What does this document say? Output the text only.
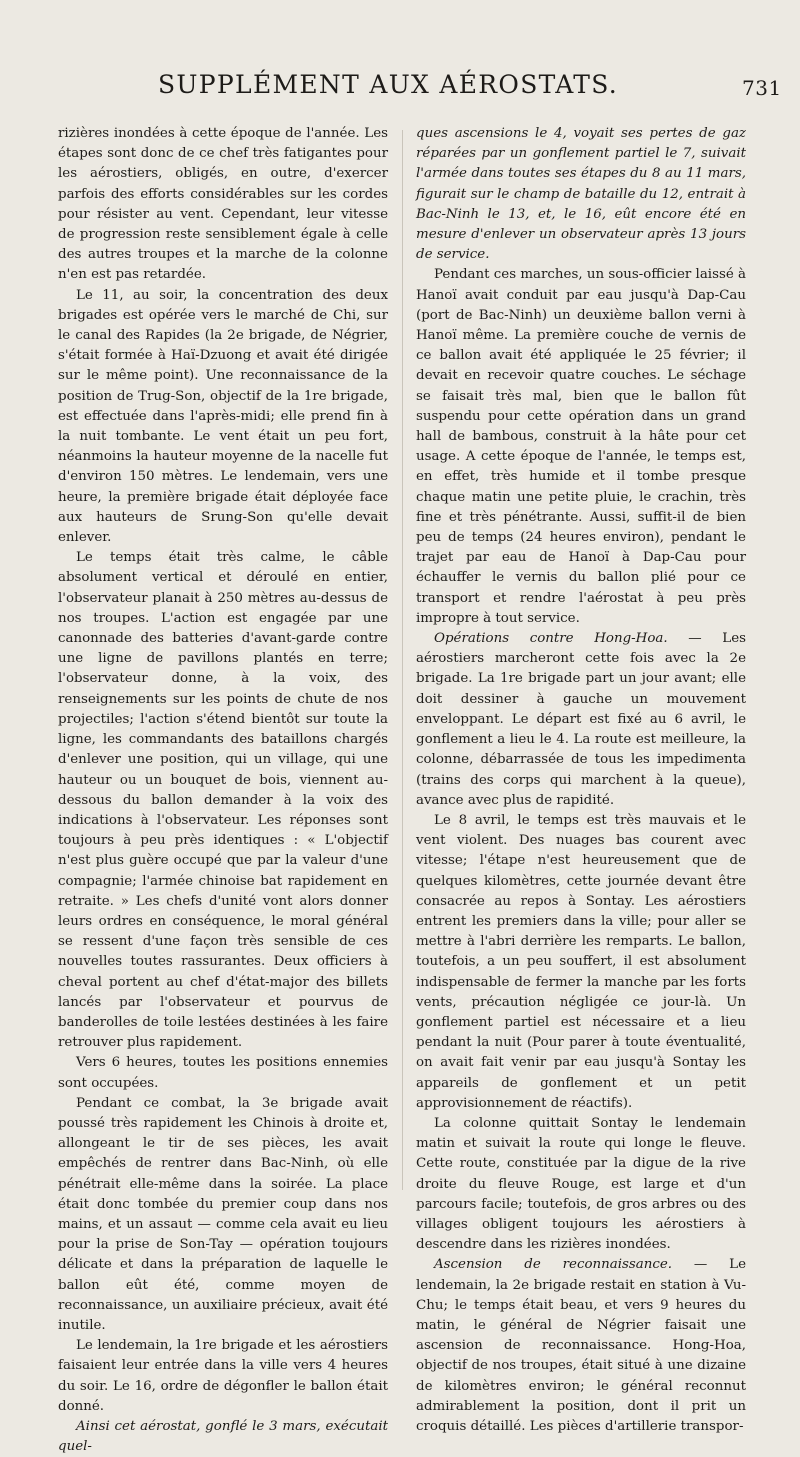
SUPPLÉMENT AUX AÉROSTATS.	731

rizières inondées à cette époque de l'année. Les étapes sont donc de ce chef très fatigantes pour les aérostiers, obligés, en outre, d'exercer parfois des efforts considérables sur les cordes pour résister au vent. Cependant, leur vitesse de progression reste sensiblement égale à celle des autres troupes et la marche de la colonne n'en est pas retardée.

Le 11, au soir, la concentration des deux brigades est opérée vers le marché de Chi, sur le canal des Rapides (la 2e brigade, de Négrier, s'était formée à Haï-Dzuong et avait été dirigée sur le même point). Une reconnaissance de la position de Trug-Son, objectif de la 1re brigade, est effectuée dans l'après-midi; elle prend fin à la nuit tombante. Le vent était un peu fort, néanmoins la hauteur moyenne de la nacelle fut d'environ 150 mètres. Le lendemain, vers une heure, la première brigade était déployée face aux hauteurs de Srung-Son qu'elle devait enlever.

Le temps était très calme, le câble absolument vertical et déroulé en entier, l'observateur planait à 250 mètres au-dessus de nos troupes. L'action est engagée par une canonnade des batteries d'avant-garde contre une ligne de pavillons plantés en terre; l'observateur donne, à la voix, des renseignements sur les points de chute de nos projectiles; l'action s'étend bientôt sur toute la ligne, les commandants des bataillons chargés d'enlever une position, qui un village, qui une hauteur ou un bouquet de bois, viennent au-dessous du ballon demander à la voix des indications à l'observateur. Les réponses sont toujours à peu près identiques : « L'objectif n'est plus guère occupé que par la valeur d'une compagnie; l'armée chinoise bat rapidement en retraite. » Les chefs d'unité vont alors donner leurs ordres en conséquence, le moral général se ressent d'une façon très sensible de ces nouvelles toutes rassurantes. Deux officiers à cheval portent au chef d'état-major des billets lancés par l'observateur et pourvus de banderolles de toile lestées destinées à les faire retrouver plus rapidement.

Vers 6 heures, toutes les positions ennemies sont occupées.

Pendant ce combat, la 3e brigade avait poussé très rapidement les Chinois à droite et, allongeant le tir de ses pièces, les avait empêchés de rentrer dans Bac-Ninh, où elle pénétrait elle-même dans la soirée. La place était donc tombée du premier coup dans nos mains, et un assaut — comme cela avait eu lieu pour la prise de Son-Tay — opération toujours délicate et dans la préparation de laquelle le ballon eût été, comme moyen de reconnaissance, un auxiliaire précieux, avait été inutile.

Le lendemain, la 1re brigade et les aérostiers faisaient leur entrée dans la ville vers 4 heures du soir. Le 16, ordre de dégonfler le ballon était donné.

Ainsi cet aérostat, gonflé le 3 mars, exécutait quel-

ques ascensions le 4, voyait ses pertes de gaz réparées par un gonflement partiel le 7, suivait l'armée dans toutes ses étapes du 8 au 11 mars, figurait sur le champ de bataille du 12, entrait à Bac-Ninh le 13, et, le 16, eût encore été en mesure d'enlever un observateur après 13 jours de service.

Pendant ces marches, un sous-officier laissé à Hanoï avait conduit par eau jusqu'à Dap-Cau (port de Bac-Ninh) un deuxième ballon verni à Hanoï même. La première couche de vernis de ce ballon avait été appliquée le 25 février; il devait en recevoir quatre couches. Le séchage se faisait très mal, bien que le ballon fût suspendu pour cette opération dans un grand hall de bambous, construit à la hâte pour cet usage. A cette époque de l'année, le temps est, en effet, très humide et il tombe presque chaque matin une petite pluie, le crachin, très fine et très pénétrante. Aussi, suffit-il de bien peu de temps (24 heures environ), pendant le trajet par eau de Hanoï à Dap-Cau pour échauffer le vernis du ballon plié pour ce transport et rendre l'aérostat à peu près impropre à tout service.

Opérations contre Hong-Hoa. — Les aérostiers marcheront cette fois avec la 2e brigade. La 1re brigade part un jour avant; elle doit dessiner à gauche un mouvement enveloppant. Le départ est fixé au 6 avril, le gonflement a lieu le 4. La route est meilleure, la colonne, débarrassée de tous les impedimenta (trains des corps qui marchent à la queue), avance avec plus de rapidité.

Le 8 avril, le temps est très mauvais et le vent violent. Des nuages bas courent avec vitesse; l'étape n'est heureusement que de quelques kilomètres, cette journée devant être consacrée au repos à Sontay. Les aérostiers entrent les premiers dans la ville; pour aller se mettre à l'abri derrière les remparts. Le ballon, toutefois, a un peu souffert, il est absolument indispensable de fermer la manche par les forts vents, précaution négligée ce jour-là. Un gonflement partiel est nécessaire et a lieu pendant la nuit (Pour parer à toute éventualité, on avait fait venir par eau jusqu'à Sontay les appareils de gonflement et un petit approvisionnement de réactifs).

La colonne quittait Sontay le lendemain matin et suivait la route qui longe le fleuve. Cette route, constituée par la digue de la rive droite du fleuve Rouge, est large et d'un parcours facile; toutefois, de gros arbres ou des villages obligent toujours les aérostiers à descendre dans les rizières inondées.

Ascension de reconnaissance. — Le lendemain, la 2e brigade restait en station à Vu-Chu; le temps était beau, et vers 9 heures du matin, le général de Négrier faisait une ascension de reconnaissance. Hong-Hoa, objectif de nos troupes, était situé à une dizaine de kilomètres environ; le général reconnut admirablement la position, dont il prit un croquis détaillé. Les pièces d'artillerie transpor-
